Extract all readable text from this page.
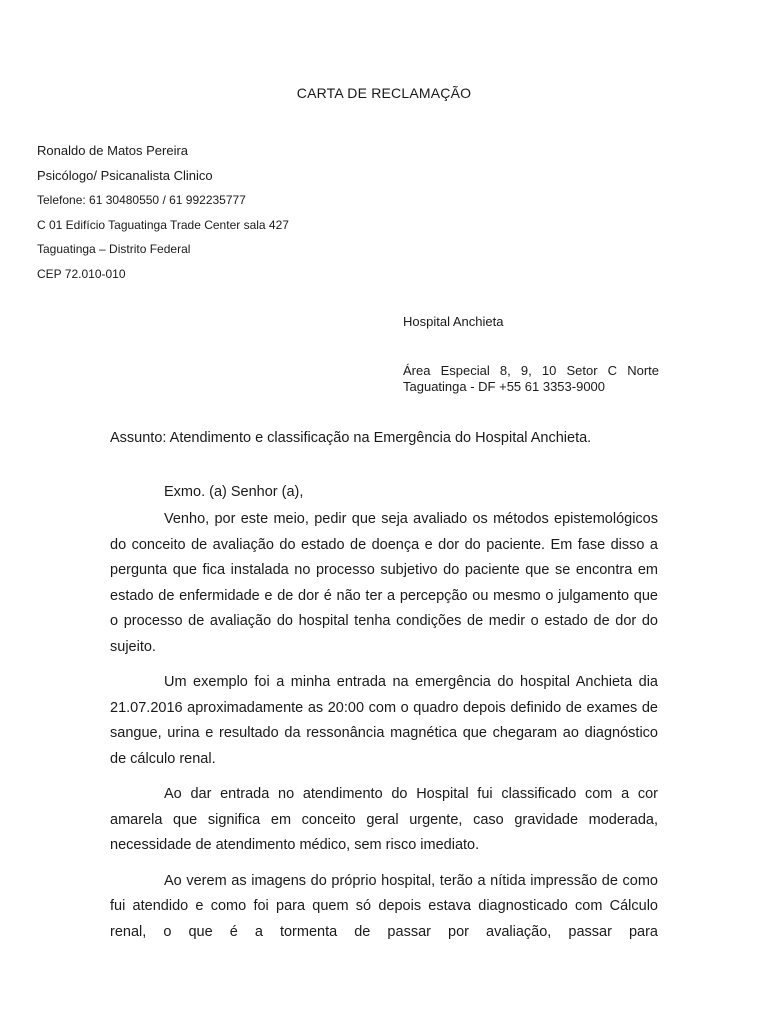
CARTA DE RECLAMAÇÃO
Ronaldo de Matos Pereira
Psicólogo/ Psicanalista Clinico
Telefone: 61 30480550 / 61 992235777
C 01 Edifício Taguatinga Trade Center sala 427
Taguatinga – Distrito Federal
CEP 72.010-010
Hospital Anchieta
Área Especial 8, 9, 10 Setor C Norte
Taguatinga - DF +55 61 3353-9000
Assunto: Atendimento e classificação na Emergência do Hospital Anchieta.
Exmo. (a) Senhor (a),

Venho, por este meio, pedir que seja avaliado os métodos epistemológicos do conceito de avaliação do estado de doença e dor do paciente. Em fase disso a pergunta que fica instalada no processo subjetivo do paciente que se encontra em estado de enfermidade e de dor é não ter a percepção ou mesmo o julgamento que o processo de avaliação do hospital tenha condições de medir o estado de dor do sujeito.

Um exemplo foi a minha entrada na emergência do hospital Anchieta dia 21.07.2016 aproximadamente as 20:00 com o quadro depois definido de exames de sangue, urina e resultado da ressonância magnética que chegaram ao diagnóstico de cálculo renal.

Ao dar entrada no atendimento do Hospital fui classificado com a cor amarela que significa em conceito geral urgente, caso gravidade moderada, necessidade de atendimento médico, sem risco imediato.

Ao verem as imagens do próprio hospital, terão a nítida impressão de como fui atendido e como foi para quem só depois estava diagnosticado com Cálculo renal, o que é a tormenta de passar por avaliação, passar para
